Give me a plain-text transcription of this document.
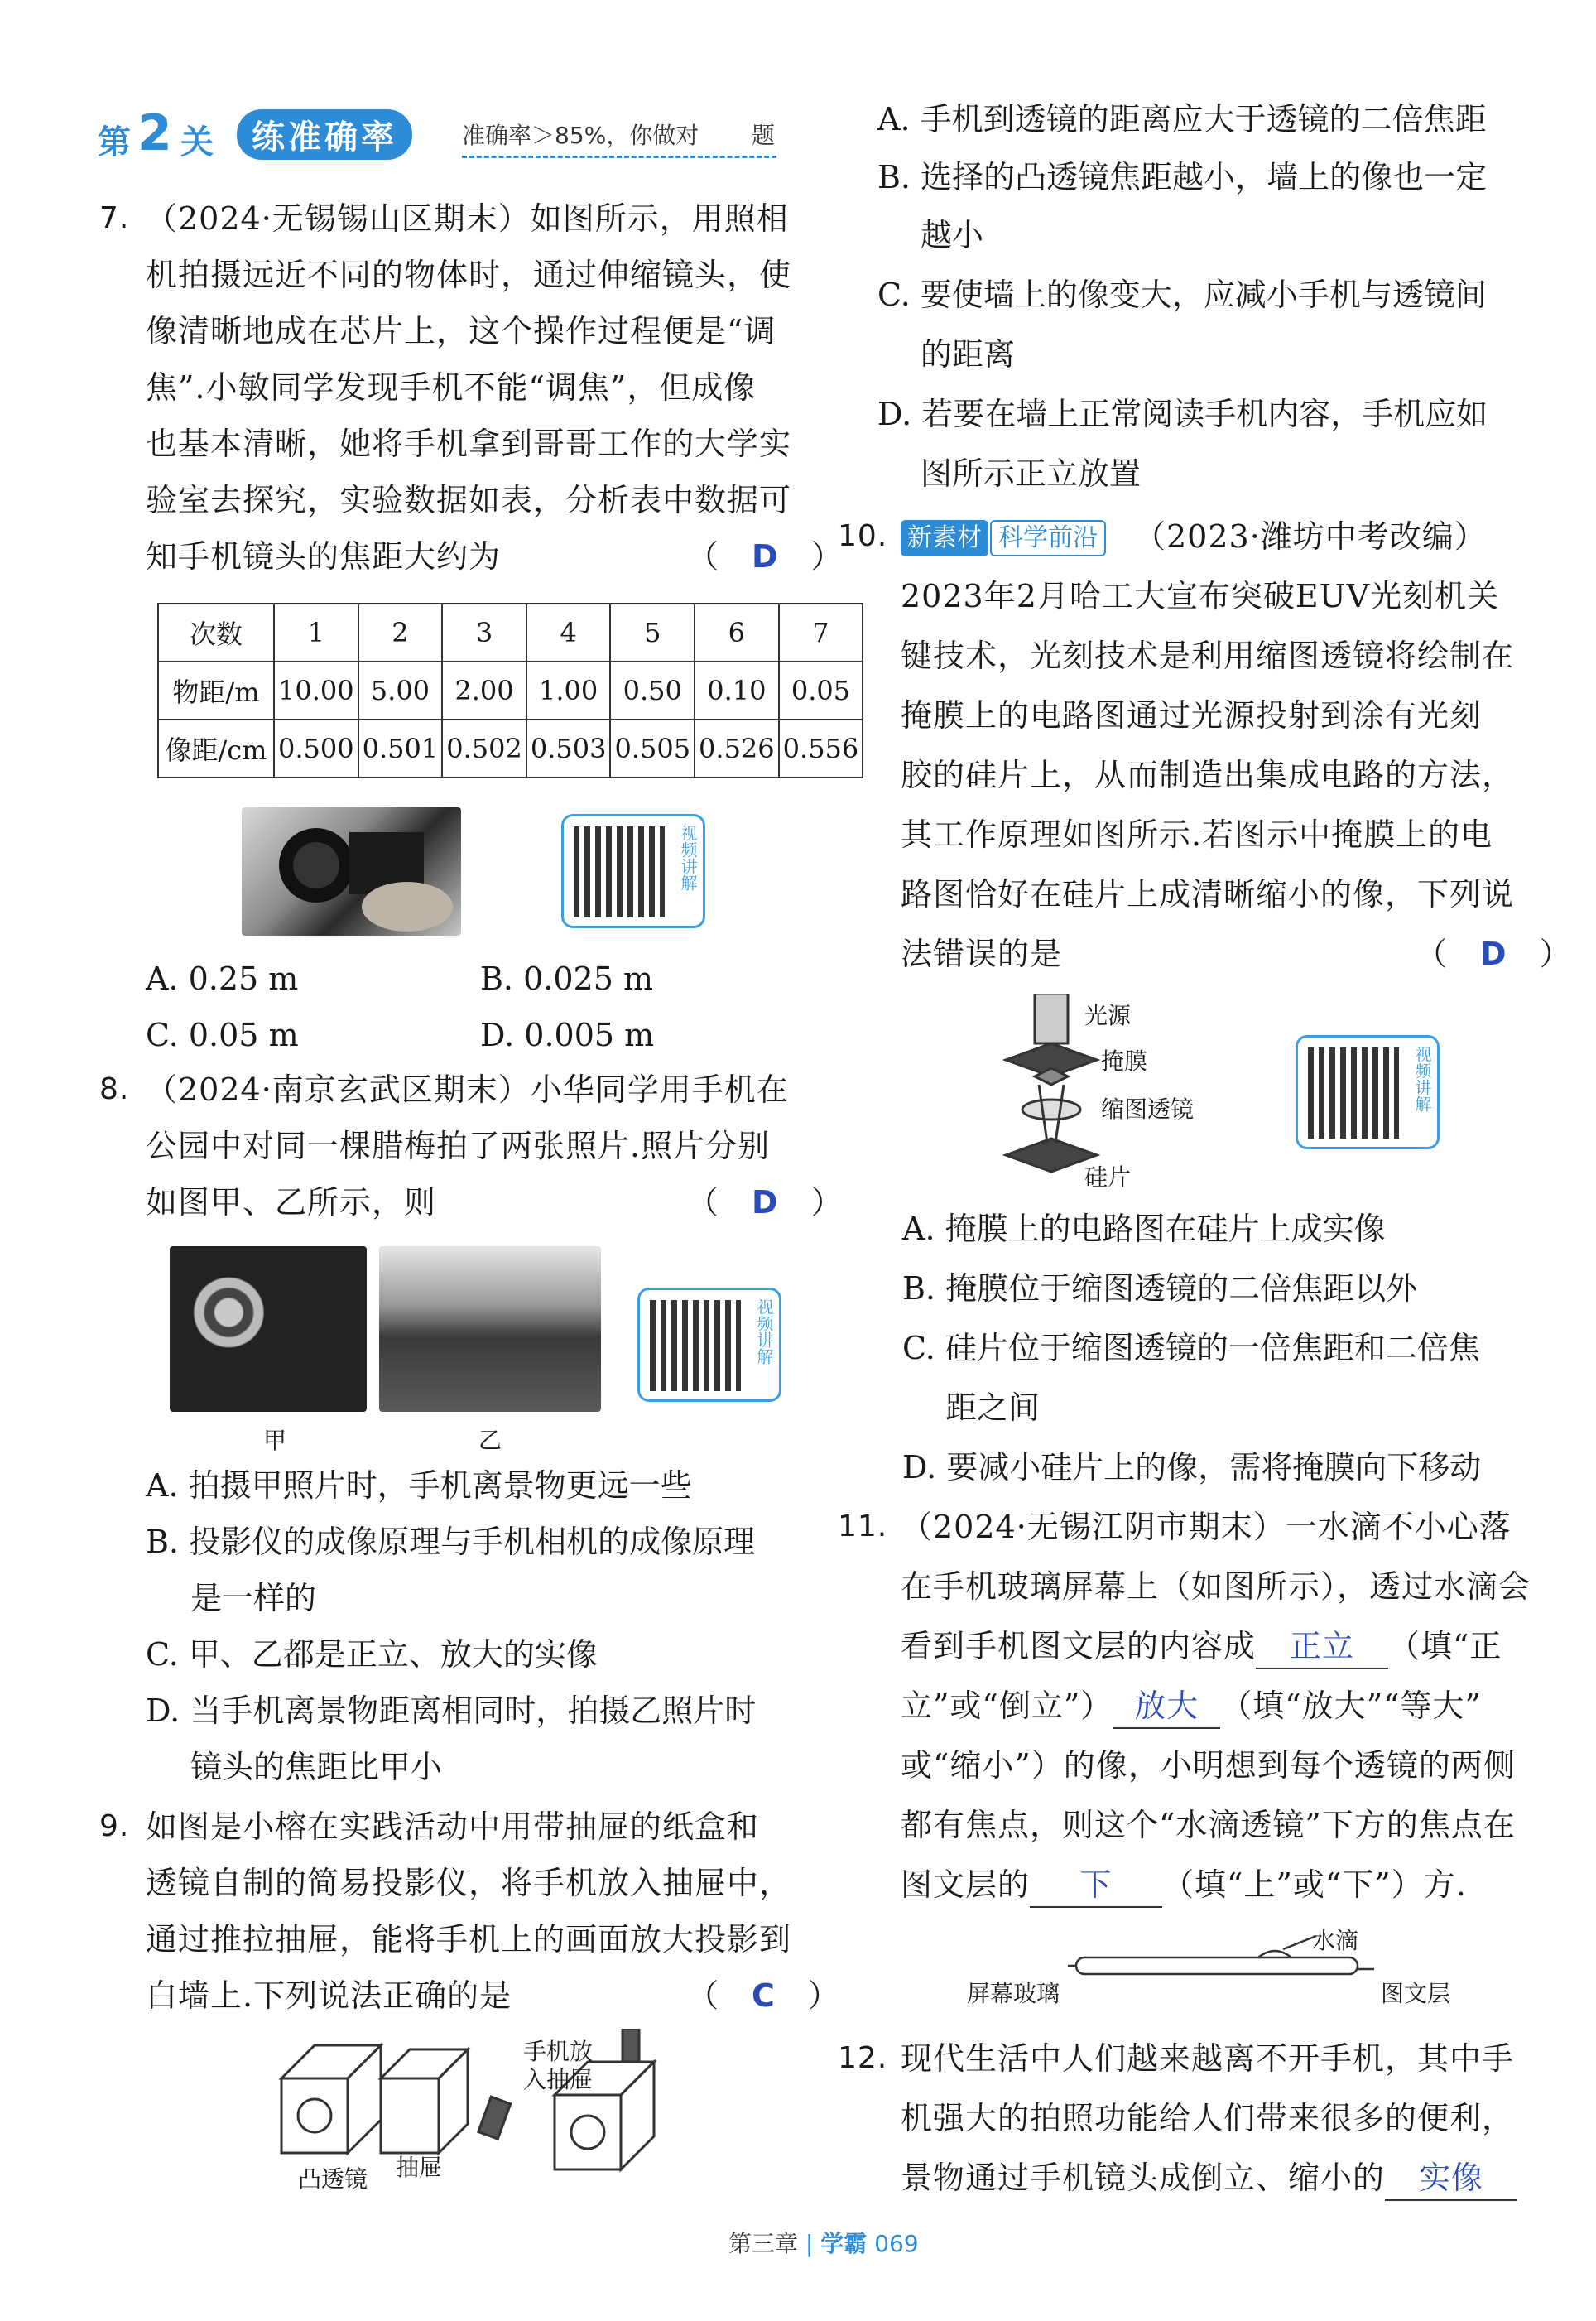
第 2 关	练准确率	准确率＞85%，你做对 题
7. （2024·无锡锡山区期末）如图所示，用照相
机拍摄远近不同的物体时，通过伸缩镜头，使
像清晰地成在芯片上，这个操作过程便是“调
焦”.小敏同学发现手机不能“调焦”，但成像
也基本清晰，她将手机拿到哥哥工作的大学实
验室去探究，实验数据如表，分析表中数据可
知手机镜头的焦距大约为	（　D　）
次数	1	2	3	4	5	6	7
物距/m	10.00	5.00	2.00	1.00	0.50	0.10	0.05
像距/cm	0.500	0.501	0.502	0.503	0.505	0.526	0.556
视频讲解
A. 0.25 m	B. 0.025 m
C. 0.05 m	D. 0.005 m
8. （2024·南京玄武区期末）小华同学用手机在
公园中对同一棵腊梅拍了两张照片.照片分别
如图甲、乙所示，则	（　D　）
甲	乙
视频讲解
A. 拍摄甲照片时，手机离景物更远一些
B. 投影仪的成像原理与手机相机的成像原理
是一样的
C. 甲、乙都是正立、放大的实像
D. 当手机离景物距离相同时，拍摄乙照片时
镜头的焦距比甲小
9. 如图是小榕在实践活动中用带抽屉的纸盒和
透镜自制的简易投影仪，将手机放入抽屉中，
通过推拉抽屉，能将手机上的画面放大投影到
白墙上.下列说法正确的是	（　C　）
凸透镜 抽屉
手机放
入抽屉
A. 手机到透镜的距离应大于透镜的二倍焦距
B. 选择的凸透镜焦距越小，墙上的像也一定
越小
C. 要使墙上的像变大，应减小手机与透镜间
的距离
D. 若要在墙上正常阅读手机内容，手机应如
图所示正立放置
10. 新素材 科学前沿 （2023·潍坊中考改编）
2023年2月哈工大宣布突破EUV光刻机关
键技术，光刻技术是利用缩图透镜将绘制在
掩膜上的电路图通过光源投射到涂有光刻
胶的硅片上，从而制造出集成电路的方法，
其工作原理如图所示.若图示中掩膜上的电
路图恰好在硅片上成清晰缩小的像，下列说
法错误的是	（　D　）
光源
掩膜
缩图透镜
硅片
视频讲解
A. 掩膜上的电路图在硅片上成实像
B. 掩膜位于缩图透镜的二倍焦距以外
C. 硅片位于缩图透镜的一倍焦距和二倍焦
距之间
D. 要减小硅片上的像，需将掩膜向下移动
11. （2024·无锡江阴市期末）一水滴不小心落
在手机玻璃屏幕上（如图所示），透过水滴会
看到手机图文层的内容成 正立 （填“正
立”或“倒立”） 放大 （填“放大”“等大”
或“缩小”）的像，小明想到每个透镜的两侧
都有焦点，则这个“水滴透镜”下方的焦点在
图文层的 下 （填“上”或“下”）方.
水滴
屏幕玻璃	图文层
12. 现代生活中人们越来越离不开手机，其中手
机强大的拍照功能给人们带来很多的便利，
景物通过手机镜头成倒立、缩小的 实像
第三章 | 学霸 069
